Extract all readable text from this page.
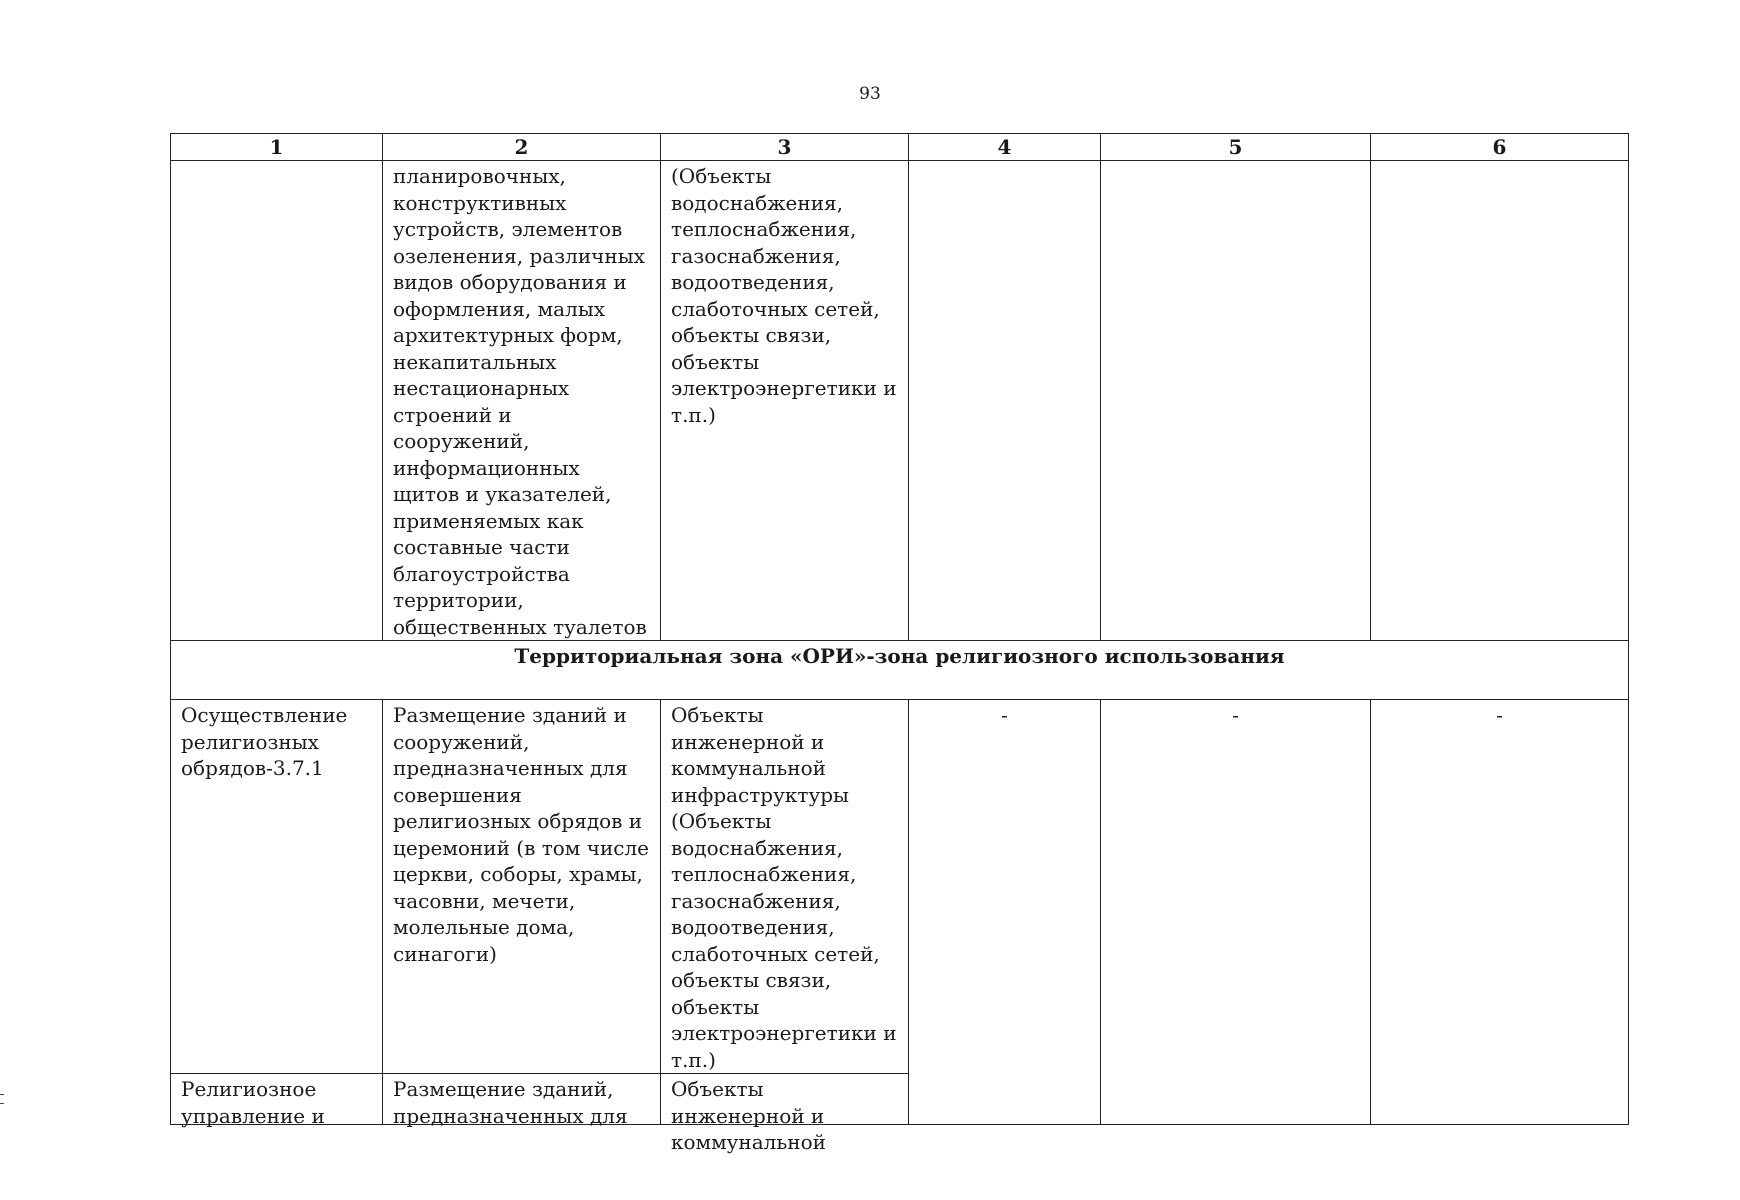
93
1	2	3	4	5	6
	планировочных, конструктивных устройств, элементов озеленения, различных видов оборудования и оформления, малых архитектурных форм, некапитальных нестационарных строений и сооружений, информационных щитов и указателей, применяемых как составные части благоустройства территории, общественных туалетов	(Объекты водоснабжения, теплоснабжения, газоснабжения, водоотведения, слаботочных сетей, объекты связи, объекты электроэнергетики и т.п.)			
Территориальная зона «ОРИ»-зона религиозного использования					
Осуществление религиозных обрядов-3.7.1	Размещение зданий и сооружений, предназначенных для совершения религиозных обрядов и церемоний (в том числе церкви, соборы, храмы, часовни, мечети, молельные дома, синагоги)	Объекты инженерной и коммунальной инфраструктуры (Объекты водоснабжения, теплоснабжения, газоснабжения, водоотведения, слаботочных сетей, объекты связи, объекты электроэнергетики и т.п.)	-	-	-

Религиозное управление и	Размещение зданий, предназначенных для	Объекты инженерной и коммунальной			
